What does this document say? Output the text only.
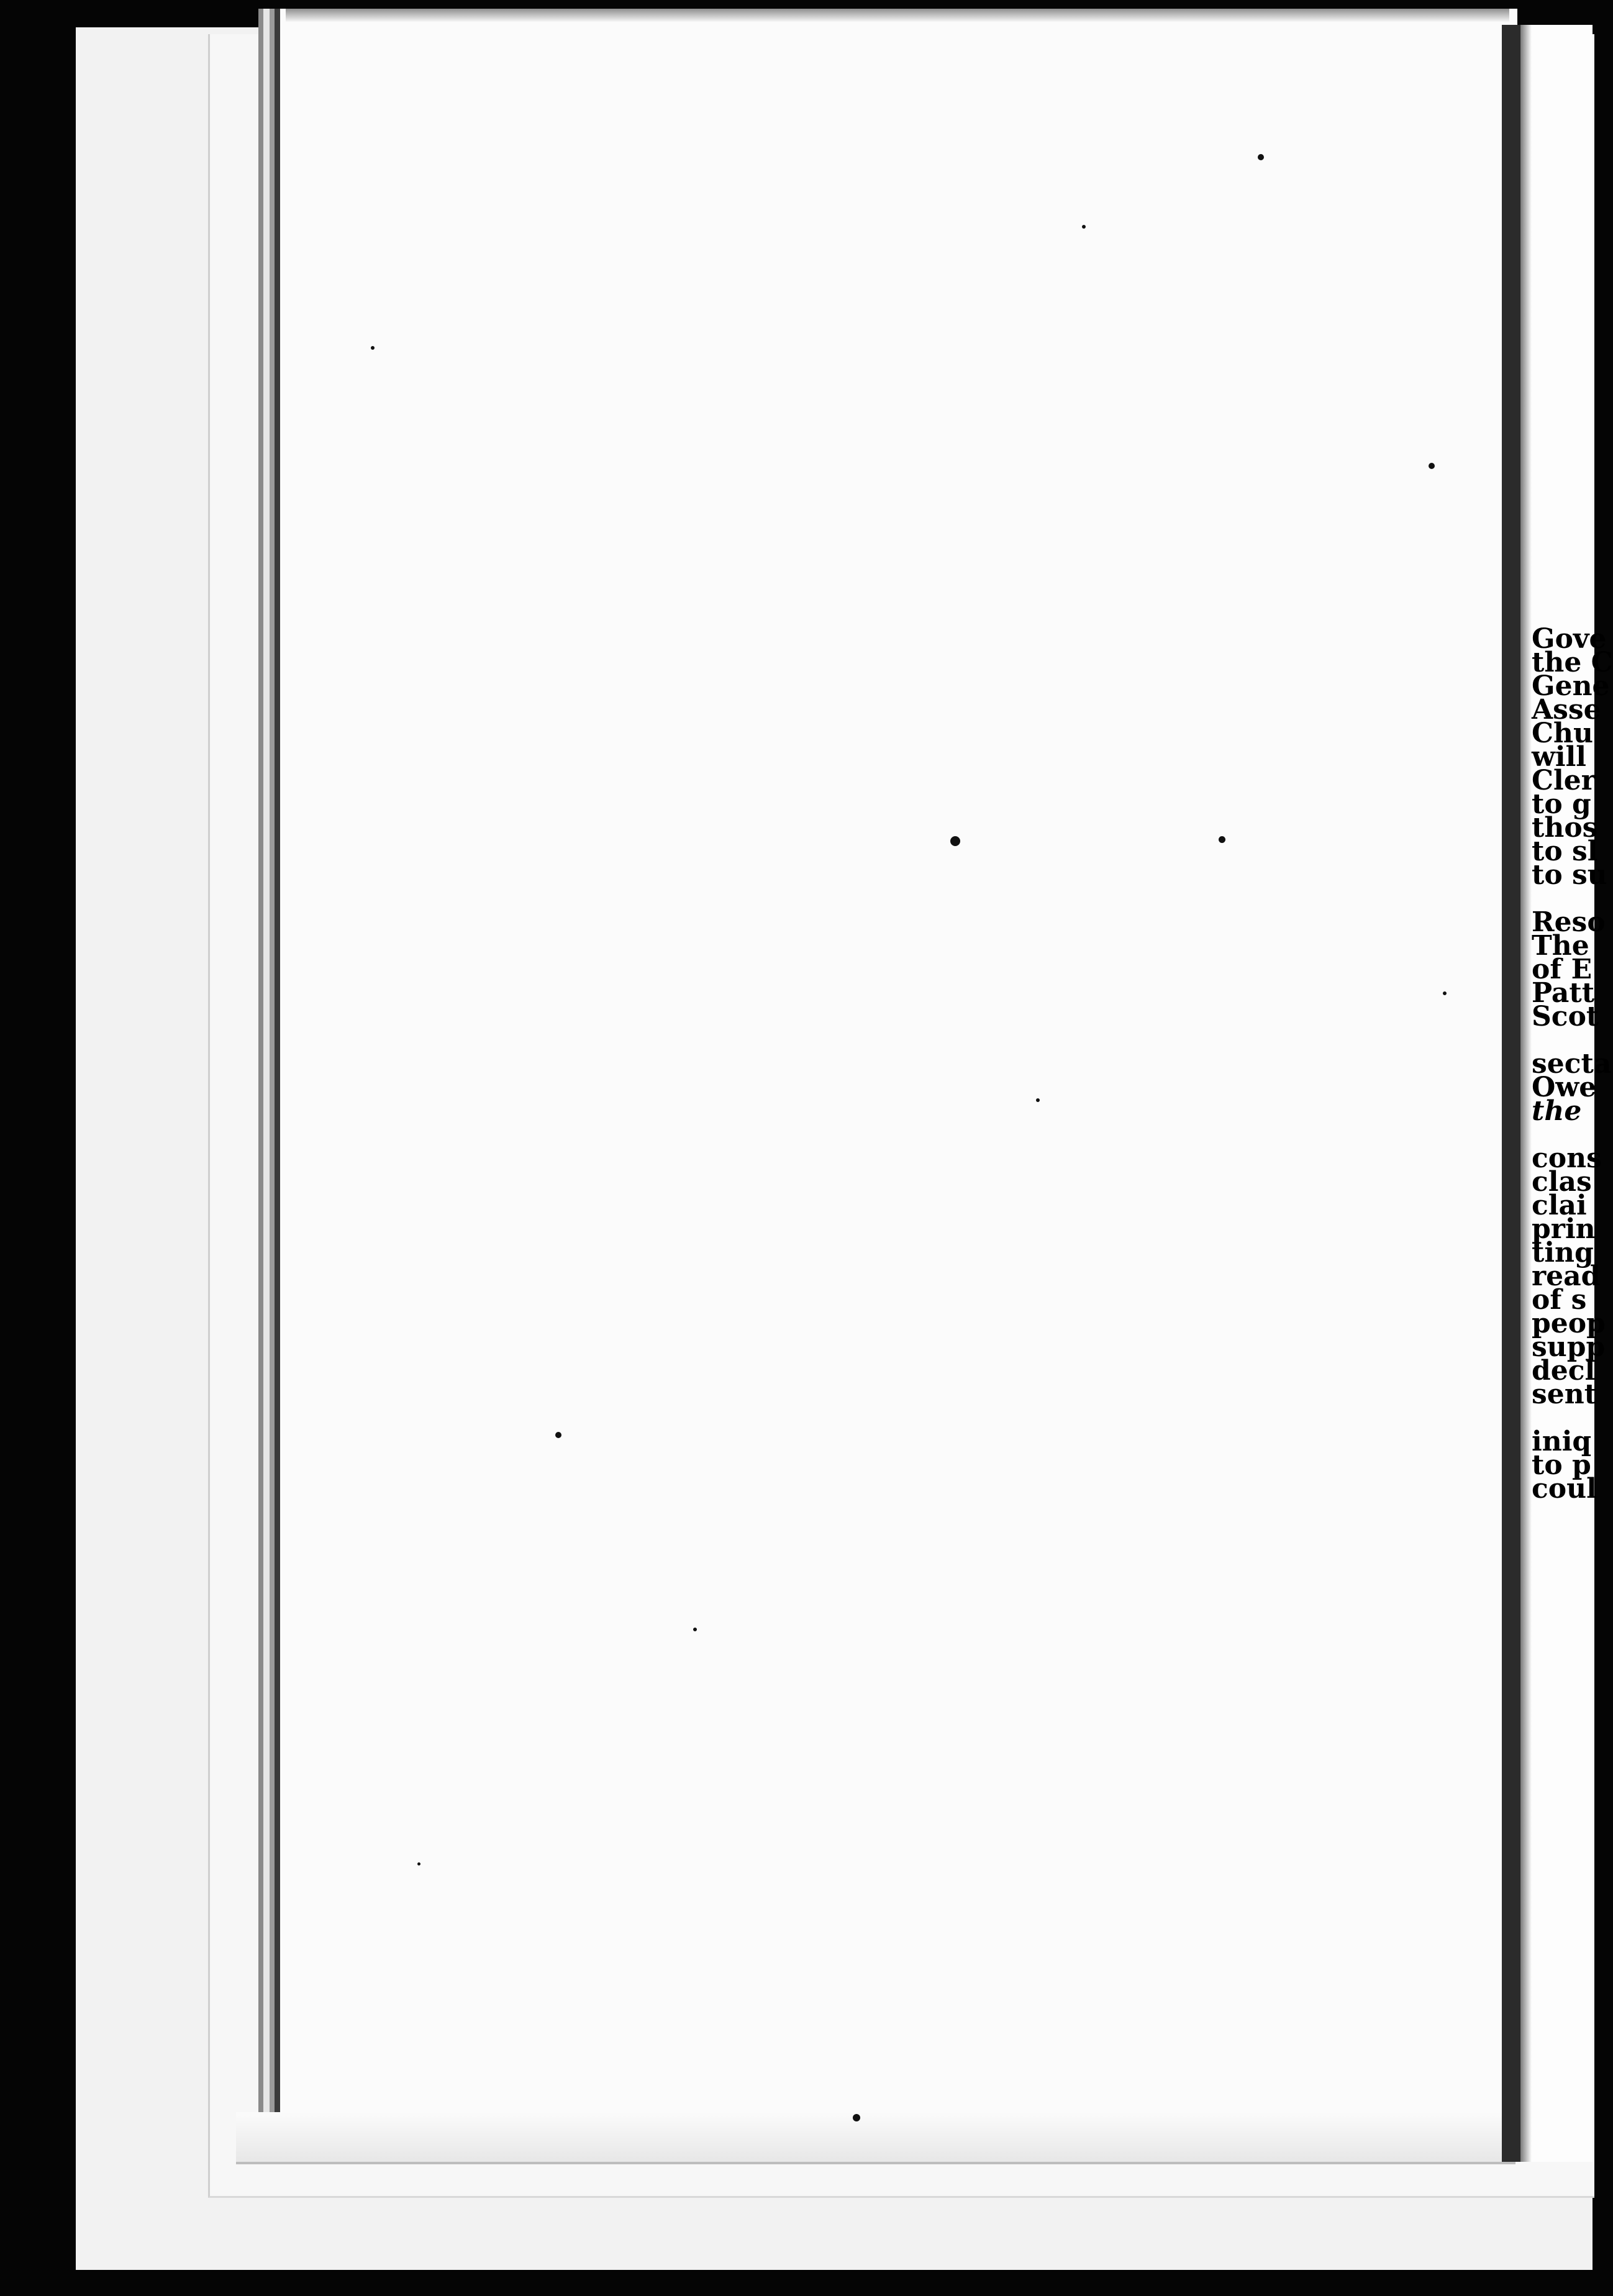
Gove
the C
Gene
Asse
Chu
will
Cler
to g
thos
to sl
to su
Reso
The
of E
Patt
Scot
secta
Owe
the
cons
clas
clai
prin
ting
read
of s
peop
supp
decl
sent
iniq
to p
coul
